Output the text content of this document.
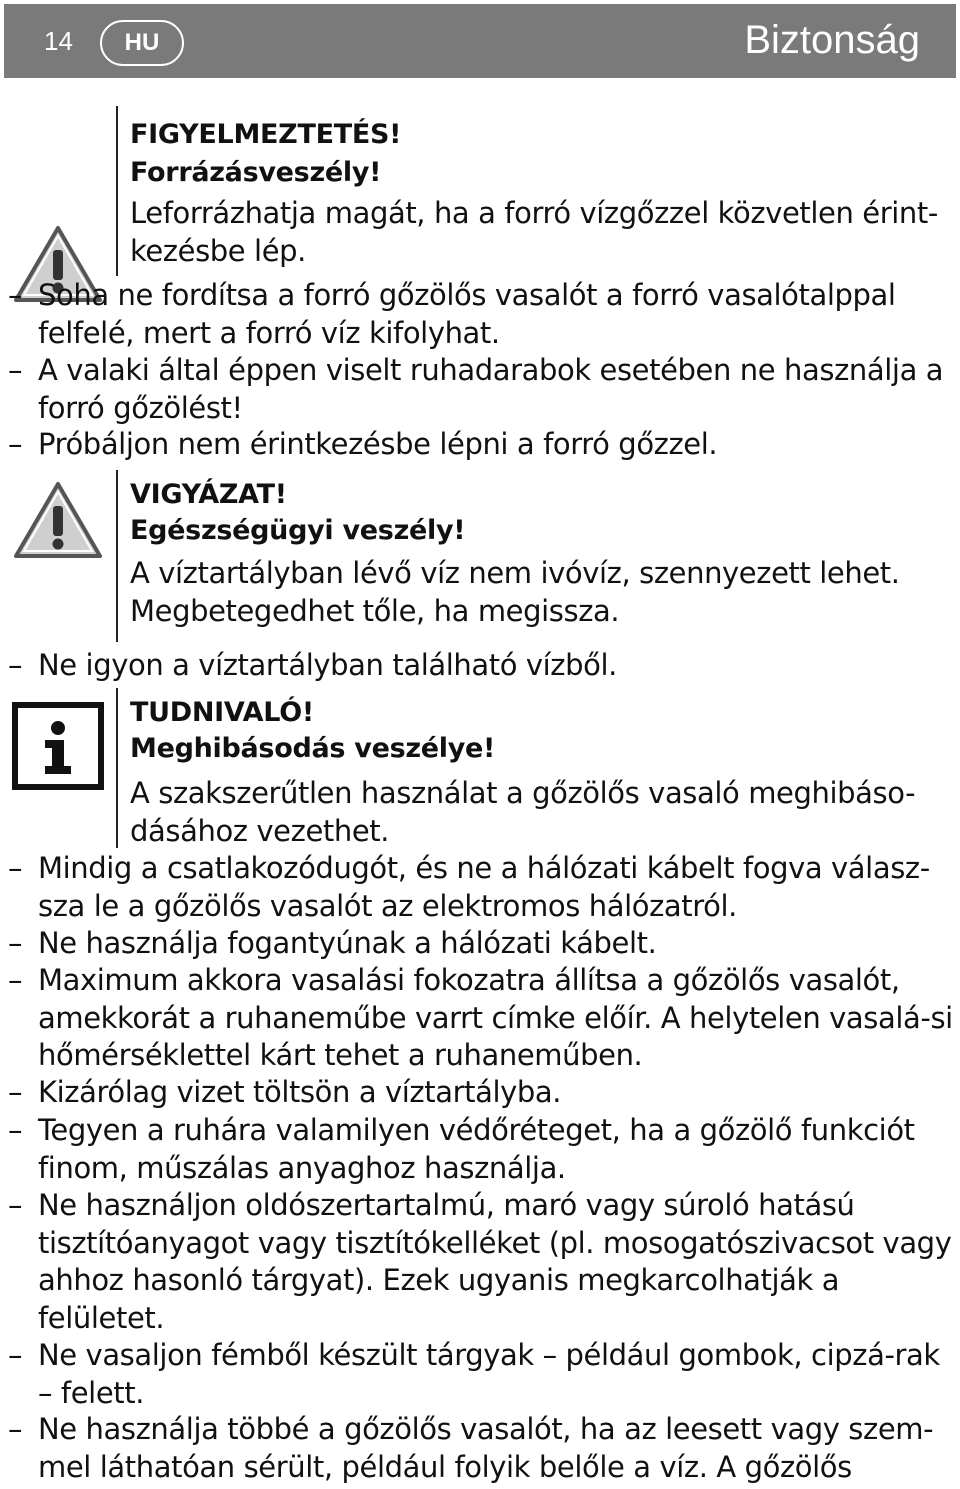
14	HU	Biztonság
FIGYELMEZTETÉS!
Forrázásveszély!
Leforrázhatja magát, ha a forró vízgőzzel közvetlen érint-kezésbe lép.
– Soha ne fordítsa a forró gőzölős vasalót a forró vasalótalppal felfelé, mert a forró víz kifolyhat.
– A valaki által éppen viselt ruhadarabok esetében ne használja a forró gőzölést!
– Próbáljon nem érintkezésbe lépni a forró gőzzel.
VIGYÁZAT!
Egészségügyi veszély!
A víztartályban lévő víz nem ivóvíz, szennyezett lehet. Megbetegedhet tőle, ha megissza.
– Ne igyon a víztartályban található vízből.
TUDNIVALÓ!
Meghibásodás veszélye!
A szakszerűtlen használat a gőzölős vasaló meghibáso-dásához vezethet.
– Mindig a csatlakozódugót, és ne a hálózati kábelt fogva válasz-sza le a gőzölős vasalót az elektromos hálózatról.
– Ne használja fogantyúnak a hálózati kábelt.
– Maximum akkora vasalási fokozatra állítsa a gőzölős vasalót, amekkorát a ruhaneműbe varrt címke előír. A helytelen vasalá-si hőmérséklettel kárt tehet a ruhaneműben.
– Kizárólag vizet töltsön a víztartályba.
– Tegyen a ruhára valamilyen védőréteget, ha a gőzölő funkciót finom, műszálas anyaghoz használja.
– Ne használjon oldószertartalmú, maró vagy súroló hatású tisztítóanyagot vagy tisztítókelléket (pl. mosogatószivacsot vagy ahhoz hasonló tárgyat). Ezek ugyanis megkarcolhatják a felületet.
– Ne vasaljon fémből készült tárgyak – például gombok, cipzá-rak – felett.
– Ne használja többé a gőzölős vasalót, ha az leesett vagy szem-mel láthatóan sérült, például folyik belőle a víz. A gőzölős
